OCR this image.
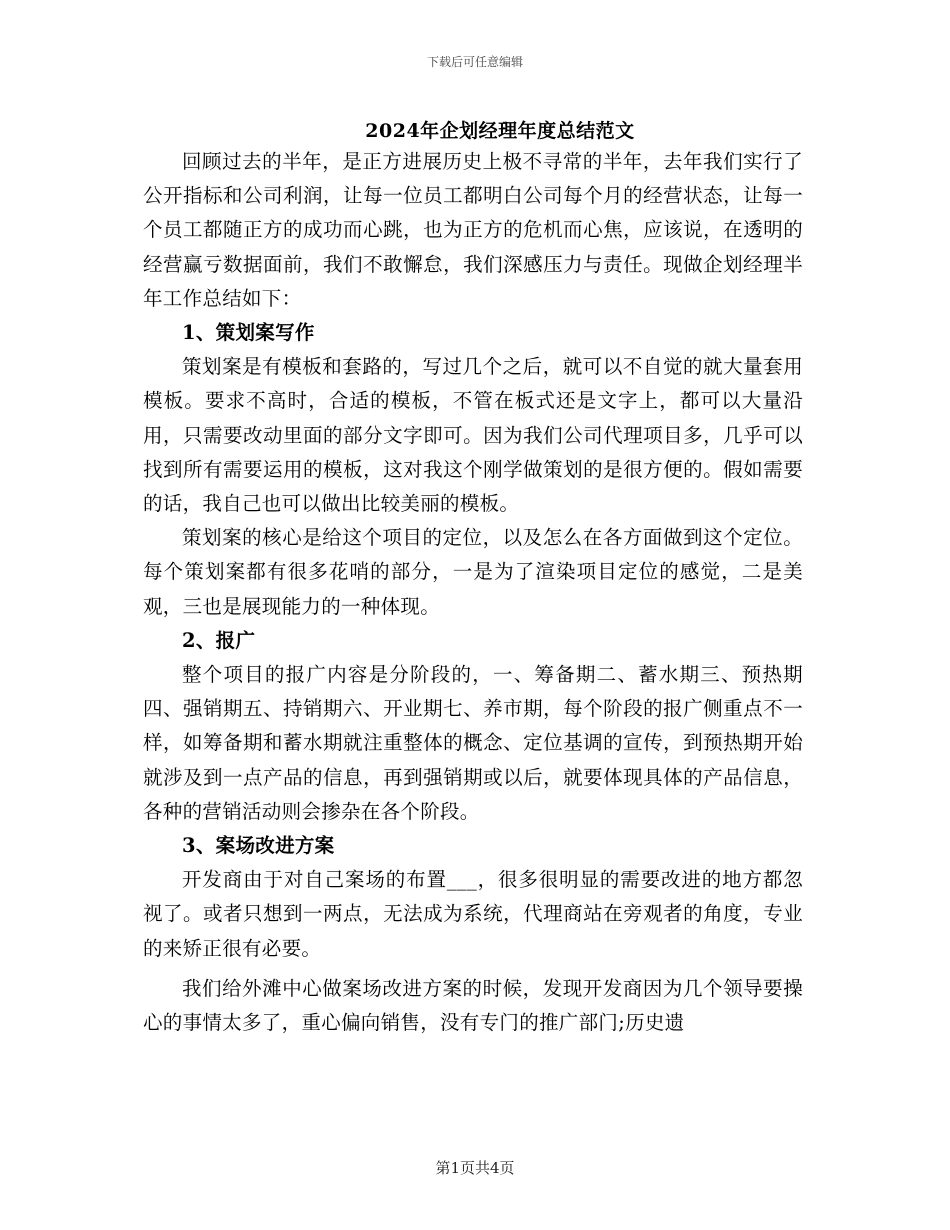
下载后可任意编辑
2024年企划经理年度总结范文

回顾过去的半年，是正方进展历史上极不寻常的半年，去年我们实行了公开指标和公司利润，让每一位员工都明白公司每个月的经营状态，让每一个员工都随正方的成功而心跳，也为正方的危机而心焦，应该说，在透明的经营赢亏数据面前，我们不敢懈怠，我们深感压力与责任。现做企划经理半年工作总结如下：

1、策划案写作

策划案是有模板和套路的，写过几个之后，就可以不自觉的就大量套用模板。要求不高时，合适的模板，不管在板式还是文字上，都可以大量沿用，只需要改动里面的部分文字即可。因为我们公司代理项目多，几乎可以找到所有需要运用的模板，这对我这个刚学做策划的是很方便的。假如需要的话，我自己也可以做出比较美丽的模板。

策划案的核心是给这个项目的定位，以及怎么在各方面做到这个定位。每个策划案都有很多花哨的部分，一是为了渲染项目定位的感觉，二是美观，三也是展现能力的一种体现。

2、报广

整个项目的报广内容是分阶段的，一、筹备期二、蓄水期三、预热期四、强销期五、持销期六、开业期七、养市期，每个阶段的报广侧重点不一样，如筹备期和蓄水期就注重整体的概念、定位基调的宣传，到预热期开始就涉及到一点产品的信息，再到强销期或以后，就要体现具体的产品信息，各种的营销活动则会掺杂在各个阶段。

3、案场改进方案

开发商由于对自己案场的布置___，很多很明显的需要改进的地方都忽视了。或者只想到一两点，无法成为系统，代理商站在旁观者的角度，专业的来矫正很有必要。

我们给外滩中心做案场改进方案的时候，发现开发商因为几个领导要操心的事情太多了，重心偏向销售，没有专门的推广部门;历史遗

第1页共4页
